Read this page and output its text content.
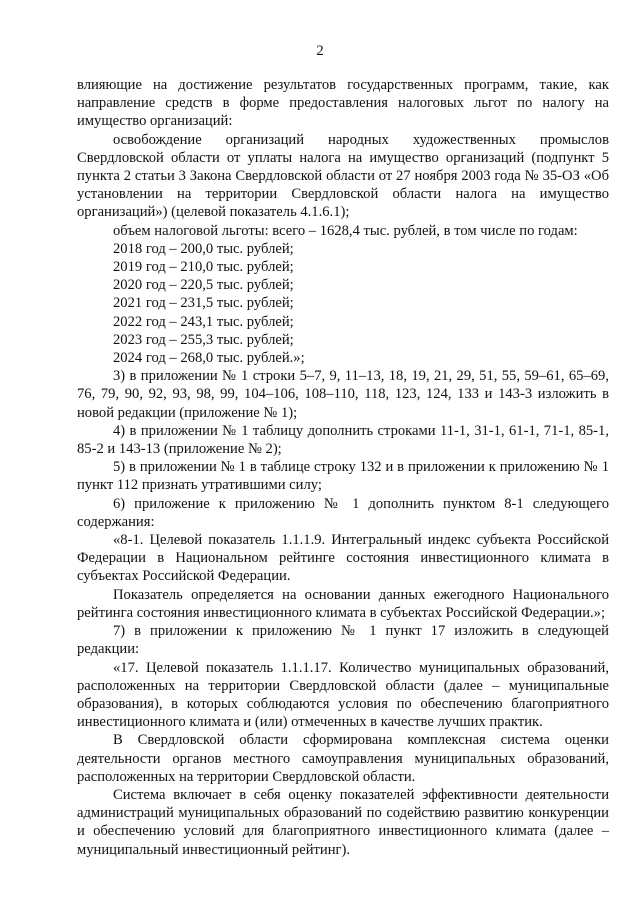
2

влияющие на достижение результатов государственных программ, такие, как направление средств в форме предоставления налоговых льгот по налогу на имущество организаций:

освобождение организаций народных художественных промыслов Свердловской области от уплаты налога на имущество организаций (подпункт 5 пункта 2 статьи 3 Закона Свердловской области от 27 ноября 2003 года № 35-ОЗ «Об установлении на территории Свердловской области налога на имущество организаций») (целевой показатель 4.1.6.1);

объем налоговой льготы: всего – 1628,4 тыс. рублей, в том числе по годам:

2018 год – 200,0 тыс. рублей;

2019 год – 210,0 тыс. рублей;

2020 год – 220,5 тыс. рублей;

2021 год – 231,5 тыс. рублей;

2022 год – 243,1 тыс. рублей;

2023 год – 255,3 тыс. рублей;

2024 год – 268,0 тыс. рублей.»;

3) в приложении № 1 строки 5–7, 9, 11–13, 18, 19, 21, 29, 51, 55, 59–61, 65–69, 76, 79, 90, 92, 93, 98, 99, 104–106, 108–110, 118, 123, 124, 133 и 143-3 изложить в новой редакции (приложение № 1);

4) в приложении № 1 таблицу дополнить строками 11-1, 31-1, 61-1, 71-1, 85-1, 85-2 и 143-13 (приложение № 2);

5) в приложении № 1 в таблице строку 132 и в приложении к приложению № 1 пункт 112 признать утратившими силу;

6) приложение к приложению № 1 дополнить пунктом 8-1 следующего содержания:

«8-1. Целевой показатель 1.1.1.9. Интегральный индекс субъекта Российской Федерации в Национальном рейтинге состояния инвестиционного климата в субъектах Российской Федерации.

Показатель определяется на основании данных ежегодного Национального рейтинга состояния инвестиционного климата в субъектах Российской Федерации.»;

7) в приложении к приложению № 1 пункт 17 изложить в следующей редакции:

«17. Целевой показатель 1.1.1.17. Количество муниципальных образований, расположенных на территории Свердловской области (далее – муниципальные образования), в которых соблюдаются условия по обеспечению благоприятного инвестиционного климата и (или) отмеченных в качестве лучших практик.

В Свердловской области сформирована комплексная система оценки деятельности органов местного самоуправления муниципальных образований, расположенных на территории Свердловской области.

Система включает в себя оценку показателей эффективности деятельности администраций муниципальных образований по содействию развитию конкуренции и обеспечению условий для благоприятного инвестиционного климата (далее – муниципальный инвестиционный рейтинг).
